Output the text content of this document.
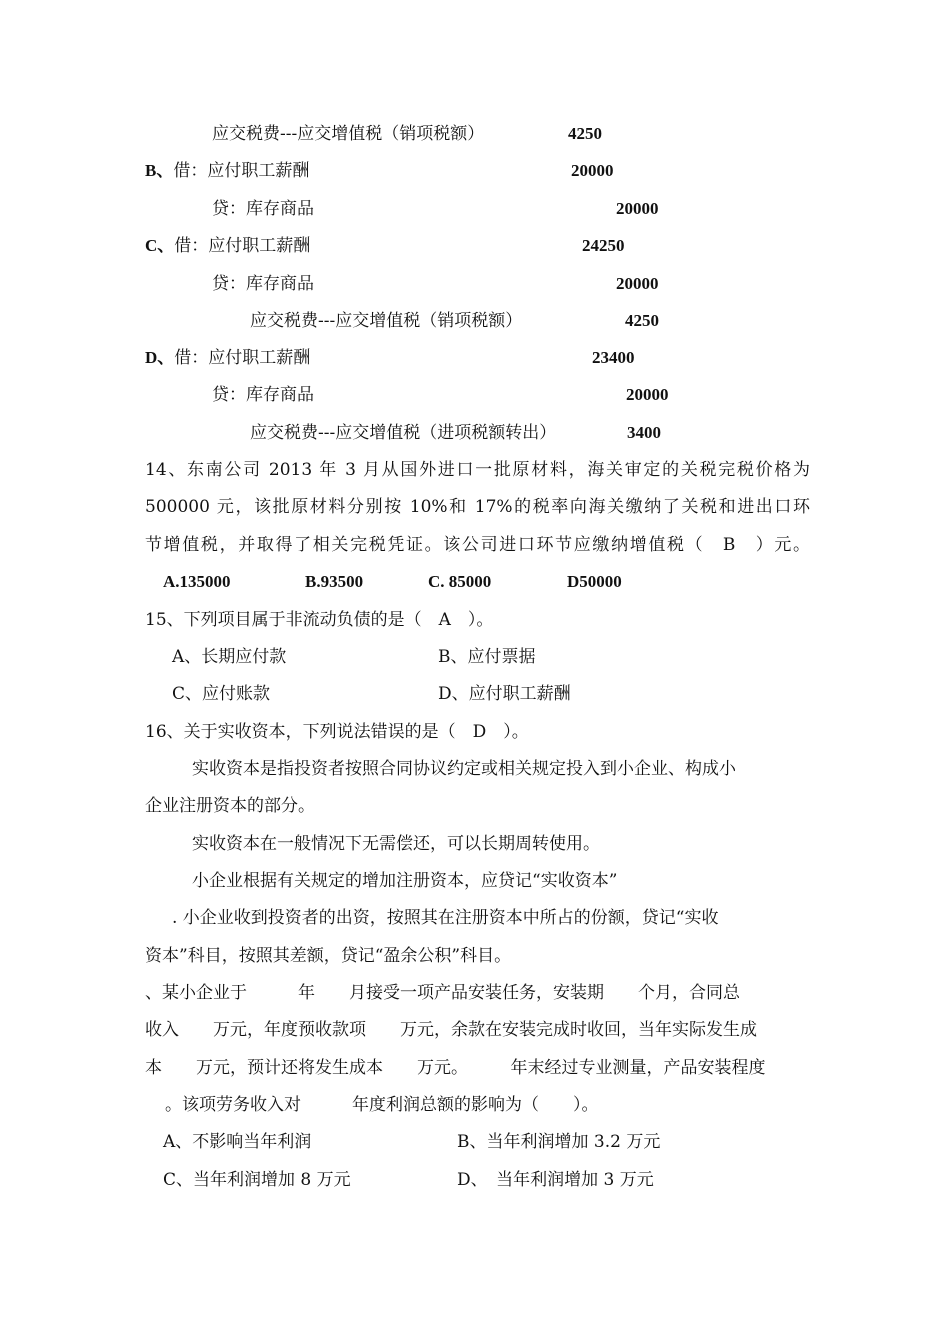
应交税费---应交增值税（销项税额）	4250
B、借：应付职工薪酬	20000
贷：库存商品	20000
C、借：应付职工薪酬	24250
贷：库存商品	20000
应交税费---应交增值税（销项税额）	4250
D、借：应付职工薪酬	23400
贷：库存商品	20000
应交税费---应交增值税（进项税额转出）	3400
14、东南公司 2013 年 3 月从国外进口一批原材料，海关审定的关税完税价格为
500000 元，该批原材料分别按 10%和 17%的税率向海关缴纳了关税和进出口环
节增值税，并取得了相关完税凭证。该公司进口环节应缴纳增值税（　B　）元。
A.135000	B.93500	C. 85000	D50000
15、下列项目属于非流动负债的是（　A　）。
A、长期应付款	B、应付票据
C、应付账款	D、应付职工薪酬
16、关于实收资本，下列说法错误的是（　D　）。
实收资本是指投资者按照合同协议约定或相关规定投入到小企业、构成小
企业注册资本的部分。
实收资本在一般情况下无需偿还，可以长期周转使用。
小企业根据有关规定的增加注册资本，应贷记“实收资本”
. 小企业收到投资者的出资，按照其在注册资本中所占的份额，贷记“实收
资本”科目，按照其差额，贷记“盈余公积”科目。
、某小企业于　　　年　　月接受一项产品安装任务，安装期　　个月，合同总
收入　　万元，年度预收款项　　万元，余款在安装完成时收回，当年实际发生成
本　　万元，预计还将发生成本　　万元。　　　年末经过专业测量，产品安装程度
。该项劳务收入对　　　年度利润总额的影响为（　　）。
A、不影响当年利润	B、当年利润增加 3.2 万元
C、当年利润增加 8 万元	D、　当年利润增加 3 万元
